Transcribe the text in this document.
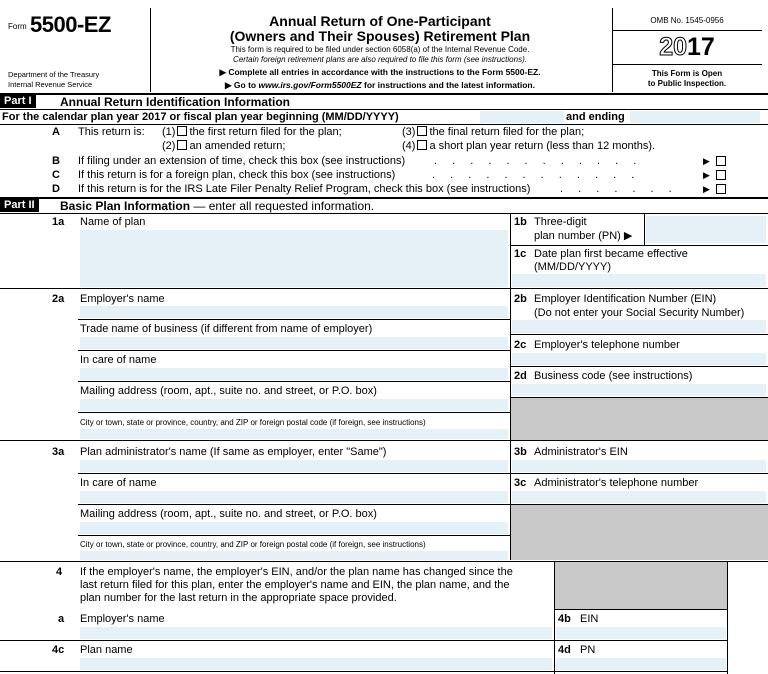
Form 5500-EZ
Department of the Treasury
Internal Revenue Service
Annual Return of One-Participant
(Owners and Their Spouses) Retirement Plan
This form is required to be filed under section 6058(a) of the Internal Revenue Code.
Certain foreign retirement plans are also required to file this form (see instructions).
▶ Complete all entries in accordance with the instructions to the Form 5500-EZ.
▶ Go to www.irs.gov/Form5500EZ for instructions and the latest information.
OMB No. 1545-0956
2017
This Form is Open
to Public Inspection.
Part I	Annual Return Identification Information
For the calendar plan year 2017 or fiscal plan year beginning (MM/DD/YYYY)	and ending
A This return is: (1) the first return filed for the plan;	(3) the final return filed for the plan;
(2) an amended return;	(4) a short plan year return (less than 12 months).
B If filing under an extension of time, check this box (see instructions)	. . . . . . . . . . . .	▶
C If this return is for a foreign plan, check this box (see instructions)	. . . . . . . . . . . .	▶
D If this return is for the IRS Late Filer Penalty Relief Program, check this box (see instructions)	. . . . . . .	▶
Part II	Basic Plan Information — enter all requested information.
1a Name of plan	1b Three-digit
plan number (PN) ▶
1c Date plan first became effective
(MM/DD/YYYY)
2a Employer's name
Trade name of business (if different from name of employer)
In care of name
Mailing address (room, apt., suite no. and street, or P.O. box)
City or town, state or province, country, and ZIP or foreign postal code (if foreign, see instructions)
2b Employer Identification Number (EIN)
(Do not enter your Social Security Number)
2c Employer's telephone number
2d Business code (see instructions)
3a Plan administrator's name (If same as employer, enter "Same")
In care of name
Mailing address (room, apt., suite no. and street, or P.O. box)
City or town, state or province, country, and ZIP or foreign postal code (if foreign, see instructions)
3b Administrator's EIN
3c Administrator's telephone number
4 If the employer's name, the employer's EIN, and/or the plan name has changed since the
last return filed for this plan, enter the employer's name and EIN, the plan name, and the
plan number for the last return in the appropriate space provided.
a Employer's name	4b EIN
4c Plan name	4d PN
